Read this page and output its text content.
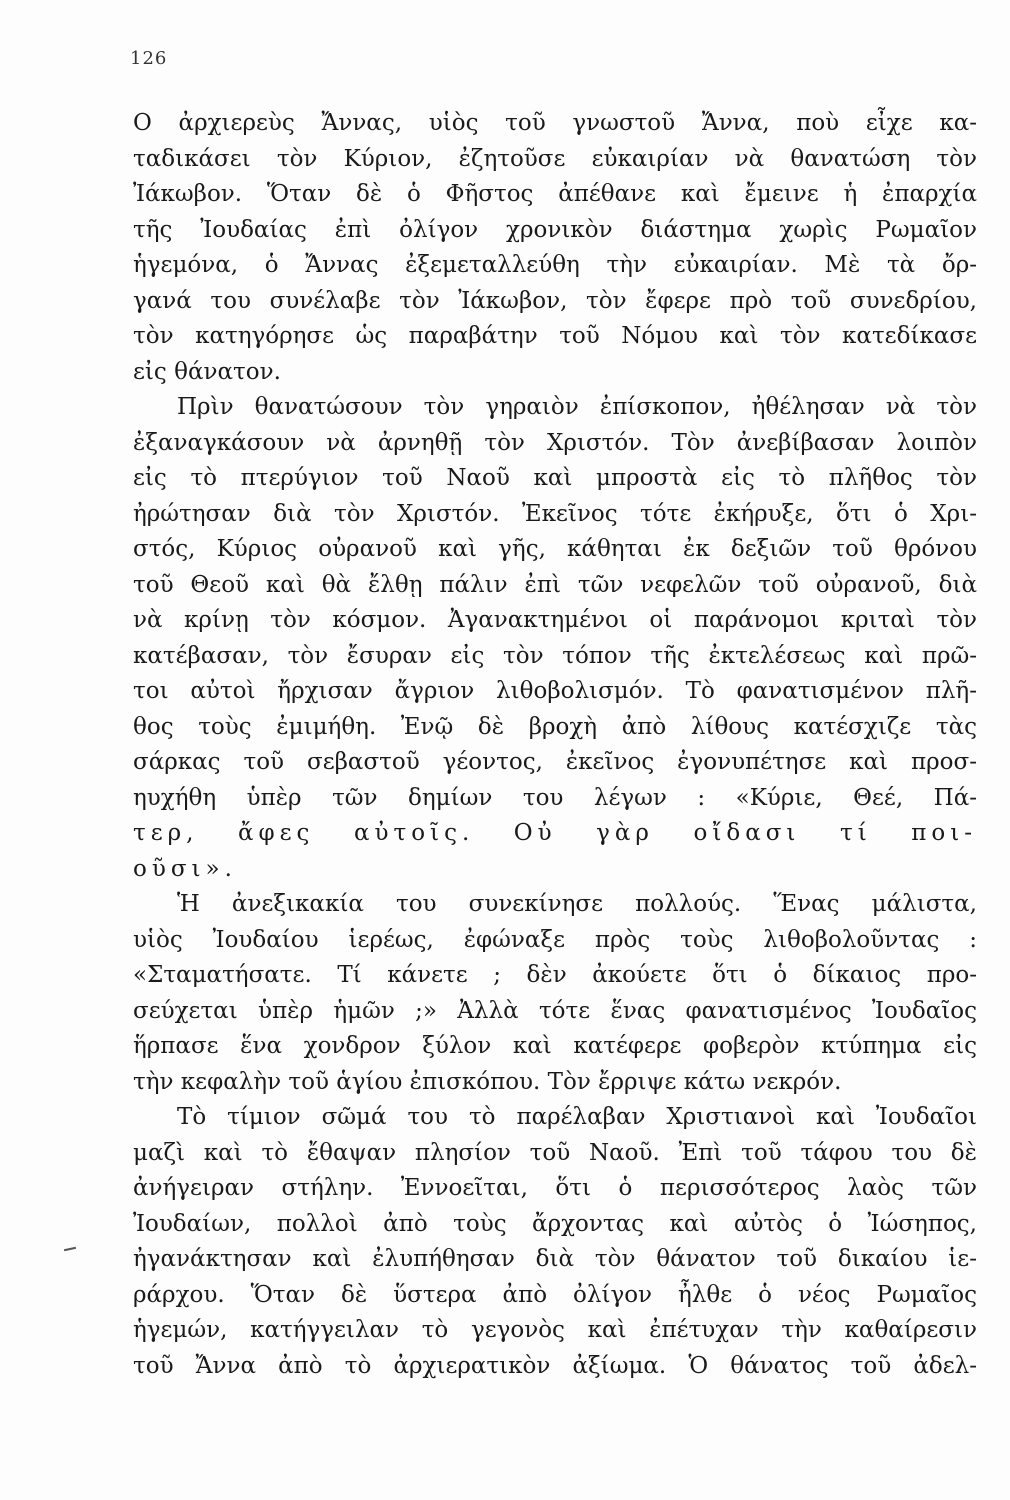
126
Ο ἀρχιερεὺς Ἄννας, υἱὸς τοῦ γνωστοῦ Ἄννα, ποὺ εἶχε κα-
ταδικάσει τὸν Κύριον, ἐζητοῦσε εὐκαιρίαν νὰ θανατώση τὸν
Ἰάκωβον. Ὅταν δὲ ὁ Φῆστος ἀπέθανε καὶ ἔμεινε ἡ ἐπαρχία
τῆς Ἰουδαίας ἐπὶ ὀλίγον χρονικὸν διάστημα χωρὶς Ρωμαῖον
ἡγεμόνα, ὁ Ἄννας ἐξεμεταλλεύθη τὴν εὐκαιρίαν. Μὲ τὰ ὄρ-
γανά του συνέλαβε τὸν Ἰάκωβον, τὸν ἔφερε πρὸ τοῦ συνεδρίου,
τὸν κατηγόρησε ὡς παραβάτην τοῦ Νόμου καὶ τὸν κατεδίκασε
εἰς θάνατον.
Πρὶν θανατώσουν τὸν γηραιὸν ἐπίσκοπον, ἠθέλησαν νὰ τὸν
ἐξαναγκάσουν νὰ ἀρνηθῇ τὸν Χριστόν. Τὸν ἀνεβίβασαν λοιπὸν
εἰς τὸ πτερύγιον τοῦ Ναοῦ καὶ μπροστὰ εἰς τὸ πλῆθος τὸν
ἠρώτησαν διὰ τὸν Χριστόν. Ἐκεῖνος τότε ἐκήρυξε, ὅτι ὁ Χρι-
στός, Κύριος οὐρανοῦ καὶ γῆς, κάθηται ἐκ δεξιῶν τοῦ θρόνου
τοῦ Θεοῦ καὶ θὰ ἔλθῃ πάλιν ἐπὶ τῶν νεφελῶν τοῦ οὐρανοῦ, διὰ
νὰ κρίνῃ τὸν κόσμον. Ἀγανακτημένοι οἱ παράνομοι κριταὶ τὸν
κατέβασαν, τὸν ἔσυραν εἰς τὸν τόπον τῆς ἐκτελέσεως καὶ πρῶ-
τοι αὐτοὶ ἤρχισαν ἄγριον λιθοβολισμόν. Τὸ φανατισμένον πλῆ-
θος τοὺς ἐμιμήθη. Ἐνῷ δὲ βροχὴ ἀπὸ λίθους κατέσχιζε τὰς
σάρκας τοῦ σεβαστοῦ γέοντος, ἐκεῖνος ἐγονυπέτησε καὶ προσ-
ηυχήθη ὑπὲρ τῶν δημίων του λέγων : «Κύριε, Θεέ, Πά-
τερ, ἄφες αὐτοῖς. Οὐ γὰρ οἴδασι τί ποι-
οῦσι».
Ἡ ἀνεξικακία του συνεκίνησε πολλούς. Ἕνας μάλιστα,
υἱὸς Ἰουδαίου ἱερέως, ἐφώναξε πρὸς τοὺς λιθοβολοῦντας :
«Σταματήσατε. Τί κάνετε ; δὲν ἀκούετε ὅτι ὁ δίκαιος προ-
σεύχεται ὑπὲρ ἡμῶν ;» Ἀλλὰ τότε ἕνας φανατισμένος Ἰουδαῖος
ἥρπασε ἕνα χονδρον ξύλον καὶ κατέφερε φοβερὸν κτύπημα εἰς
τὴν κεφαλὴν τοῦ ἁγίου ἐπισκόπου. Τὸν ἔρριψε κάτω νεκρόν.
Τὸ τίμιον σῶμά του τὸ παρέλαβαν Χριστιανοὶ καὶ Ἰουδαῖοι
μαζὶ καὶ τὸ ἔθαψαν πλησίον τοῦ Ναοῦ. Ἐπὶ τοῦ τάφου του δὲ
ἀνήγειραν στήλην. Ἐννοεῖται, ὅτι ὁ περισσότερος λαὸς τῶν
Ἰουδαίων, πολλοὶ ἀπὸ τοὺς ἄρχοντας καὶ αὐτὸς ὁ Ἰώσηπος,
ἠγανάκτησαν καὶ ἐλυπήθησαν διὰ τὸν θάνατον τοῦ δικαίου ἱε-
ράρχου. Ὅταν δὲ ὕστερα ἀπὸ ὀλίγον ἦλθε ὁ νέος Ρωμαῖος
ἡγεμών, κατήγγειλαν τὸ γεγονὸς καὶ ἐπέτυχαν τὴν καθαίρεσιν
τοῦ Ἄννα ἀπὸ τὸ ἀρχιερατικὸν ἀξίωμα. Ὁ θάνατος τοῦ ἀδελ-
